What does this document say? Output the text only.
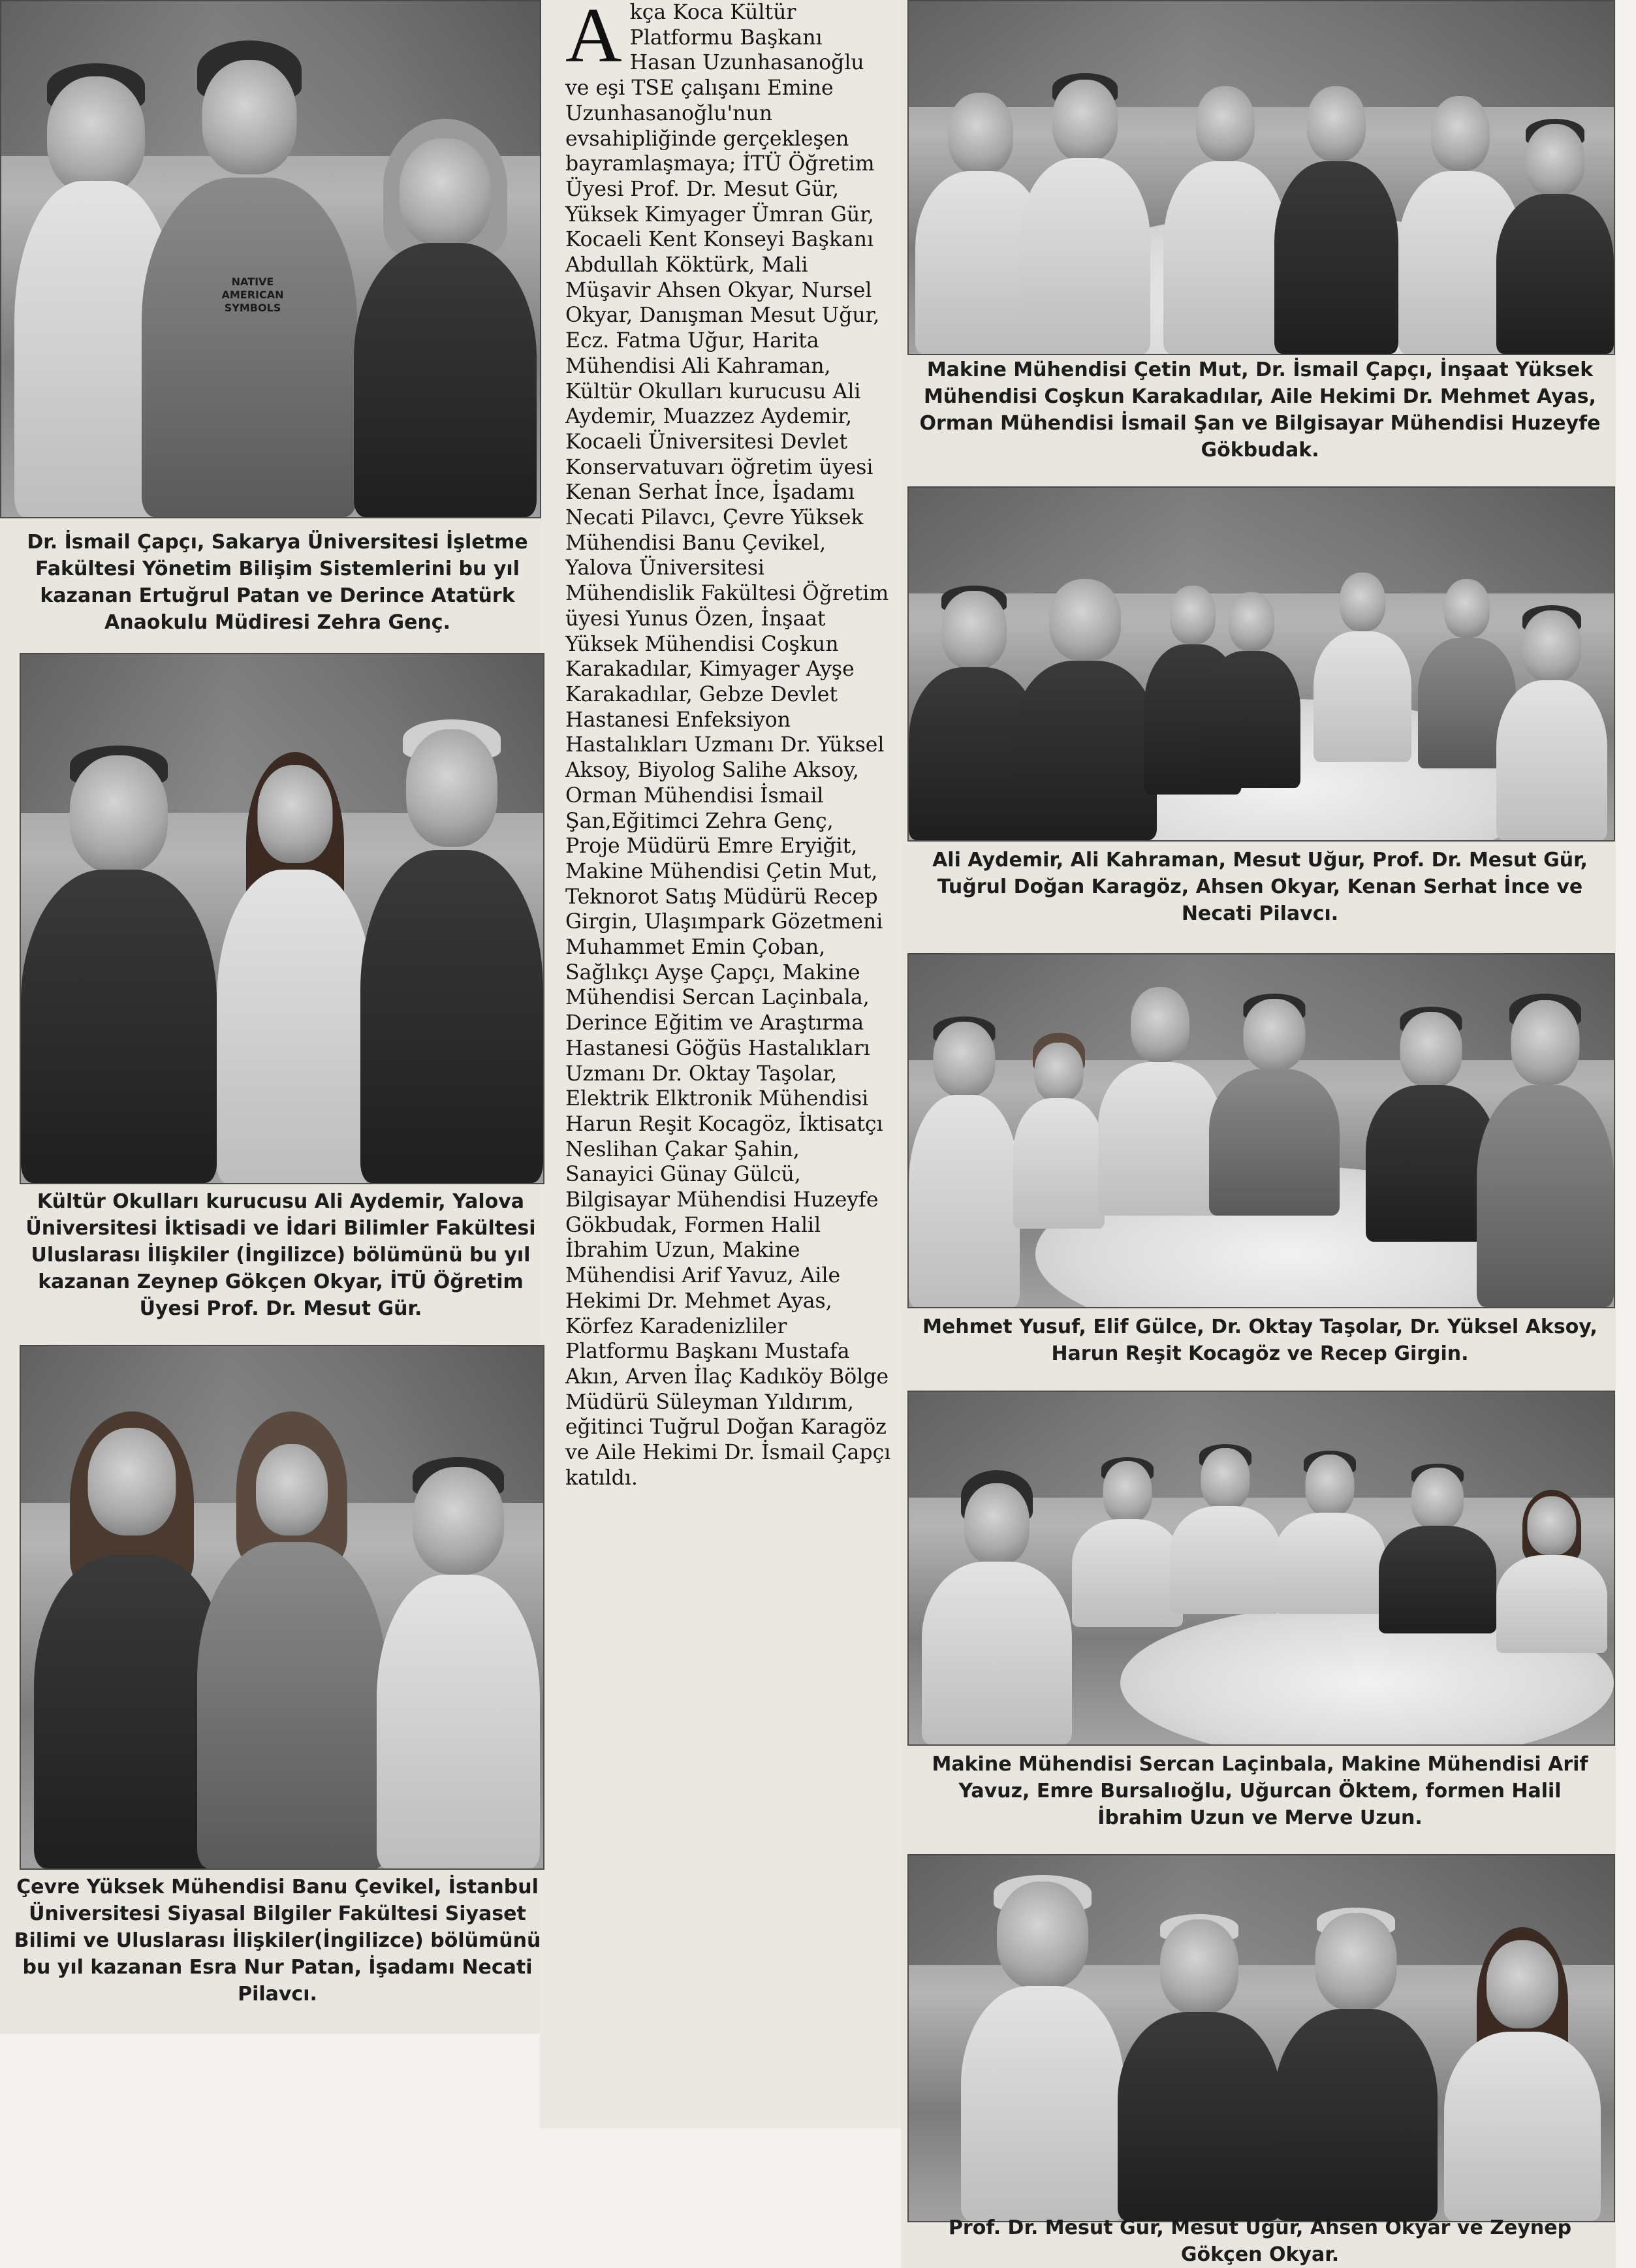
NATIVE AMERICAN
SYMBOLS
Dr. İsmail Çapçı, Sakarya Üniversitesi İşletme Fakültesi Yönetim Bilişim Sistemlerini bu yıl kazanan Ertuğrul Patan ve Derince Atatürk Anaokulu Müdiresi Zehra Genç.
Kültür Okulları kurucusu Ali Aydemir, Yalova Üniversitesi İktisadi ve İdari Bilimler Fakültesi Uluslarası İlişkiler (İngilizce) bölümünü bu yıl kazanan Zeynep Gökçen Okyar, İTÜ Öğretim Üyesi Prof. Dr. Mesut Gür.
Çevre Yüksek Mühendisi Banu Çevikel, İstanbul Üniversitesi Siyasal Bilgiler Fakültesi Siyaset Bilimi ve Uluslarası İlişkiler(İngilizce) bölümünü bu yıl kazanan Esra Nur Patan, İşadamı Necati Pilavcı.
Akça Koca Kültür Platformu Başkanı Hasan Uzunhasanoğlu ve eşi TSE çalışanı Emine Uzunhasanoğlu'nun evsahipliğinde gerçekleşen bayramlaşmaya; İTÜ Öğretim Üyesi Prof. Dr. Mesut Gür, Yüksek Kimyager Ümran Gür, Kocaeli Kent Konseyi Başkanı Abdullah Köktürk, Mali Müşavir Ahsen Okyar, Nursel Okyar, Danışman Mesut Uğur, Ecz. Fatma Uğur, Harita Mühendisi Ali Kahraman, Kültür Okulları kurucusu Ali Aydemir, Muazzez Aydemir, Kocaeli Üniversitesi Devlet Konservatuvarı öğretim üyesi Kenan Serhat İnce, İşadamı Necati Pilavcı, Çevre Yüksek Mühendisi Banu Çevikel, Yalova Üniversitesi Mühendislik Fakültesi Öğretim üyesi Yunus Özen, İnşaat Yüksek Mühendisi Coşkun Karakadılar, Kimyager Ayşe Karakadılar, Gebze Devlet Hastanesi Enfeksiyon Hastalıkları Uzmanı Dr. Yüksel Aksoy, Biyolog Salihe Aksoy, Orman Mühendisi İsmail Şan,Eğitimci Zehra Genç, Proje Müdürü Emre Eryiğit, Makine Mühendisi Çetin Mut, Teknorot Satış Müdürü Recep Girgin, Ulaşımpark Gözetmeni Muhammet Emin Çoban, Sağlıkçı Ayşe Çapçı, Makine Mühendisi Sercan Laçinbala, Derince Eğitim ve Araştırma Hastanesi Göğüs Hastalıkları Uzmanı Dr. Oktay Taşolar, Elektrik Elktronik Mühendisi Harun Reşit Kocagöz, İktisatçı Neslihan Çakar Şahin, Sanayici Günay Gülcü, Bilgisayar Mühendisi Huzeyfe Gökbudak, Formen Halil İbrahim Uzun, Makine Mühendisi Arif Yavuz, Aile Hekimi Dr. Mehmet Ayas, Körfez Karadenizliler Platformu Başkanı Mustafa Akın, Arven İlaç Kadıköy Bölge Müdürü Süleyman Yıldırım, eğitinci Tuğrul Doğan Karagöz ve Aile Hekimi Dr. İsmail Çapçı katıldı.
Makine Mühendisi Çetin Mut, Dr. İsmail Çapçı, İnşaat Yüksek Mühendisi Coşkun Karakadılar, Aile Hekimi Dr. Mehmet Ayas, Orman Mühendisi İsmail Şan ve Bilgisayar Mühendisi Huzeyfe Gökbudak.
Ali Aydemir, Ali Kahraman, Mesut Uğur, Prof. Dr. Mesut Gür, Tuğrul Doğan Karagöz, Ahsen Okyar, Kenan Serhat İnce ve Necati Pilavcı.
Mehmet Yusuf, Elif Gülce, Dr. Oktay Taşolar, Dr. Yüksel Aksoy, Harun Reşit Kocagöz ve Recep Girgin.
Makine Mühendisi Sercan Laçinbala, Makine Mühendisi Arif Yavuz, Emre Bursalıoğlu, Uğurcan Öktem, formen Halil İbrahim Uzun ve Merve Uzun.
Prof. Dr. Mesut Gür, Mesut Uğur, Ahsen Okyar ve Zeynep Gökçen Okyar.
